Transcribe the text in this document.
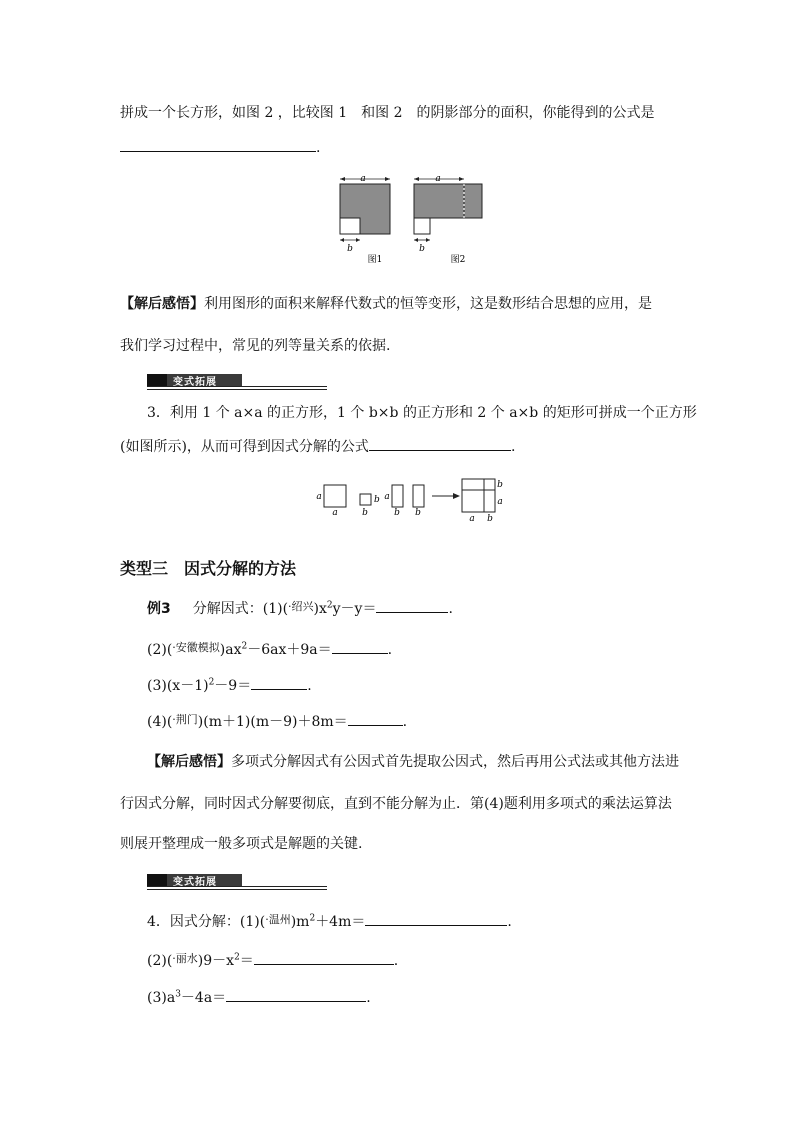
拼成一个长方形，如图 2 ，比较图 1　和图 2　的阴影部分的面积，你能得到的公式是
.
a
b
图1
a
b
图2
【解后感悟】利用图形的面积来解释代数式的恒等变形，这是数形结合思想的应用，是
我们学习过程中，常见的列等量关系的依据.
变式拓展
3．利用 1 个 a×a 的正方形，1 个 b×b 的正方形和 2 个 a×b 的矩形可拼成一个正方形
(如图所示)，从而可得到因式分解的公式	.
a
a
b
b
a
b b
b
a
a b
类型三　因式分解的方法
例3 分解因式：$(1)(^{\cdot 绍兴})x^2y-y=$	.
$(2)(^{\cdot 安徽模拟})ax^2-6ax+9a=$	.
$(3)(x-1)^2-9=$	.
(4)($^{\cdot 荆门}$)(m＋1)(m－9)＋8m＝	.
【解后感悟】多项式分解因式有公因式首先提取公因式，然后再用公式法或其他方法进
行因式分解，同时因式分解要彻底，直到不能分解为止．第(4)题利用多项式的乘法运算法
则展开整理成一般多项式是解题的关键.
变式拓展
4．因式分解：$(1)(^{\cdot 温州})m^2+4m=$	.
$(2)(^{\cdot 丽水})9-x^2=$	.
$(3)a^3-4a=$	.
